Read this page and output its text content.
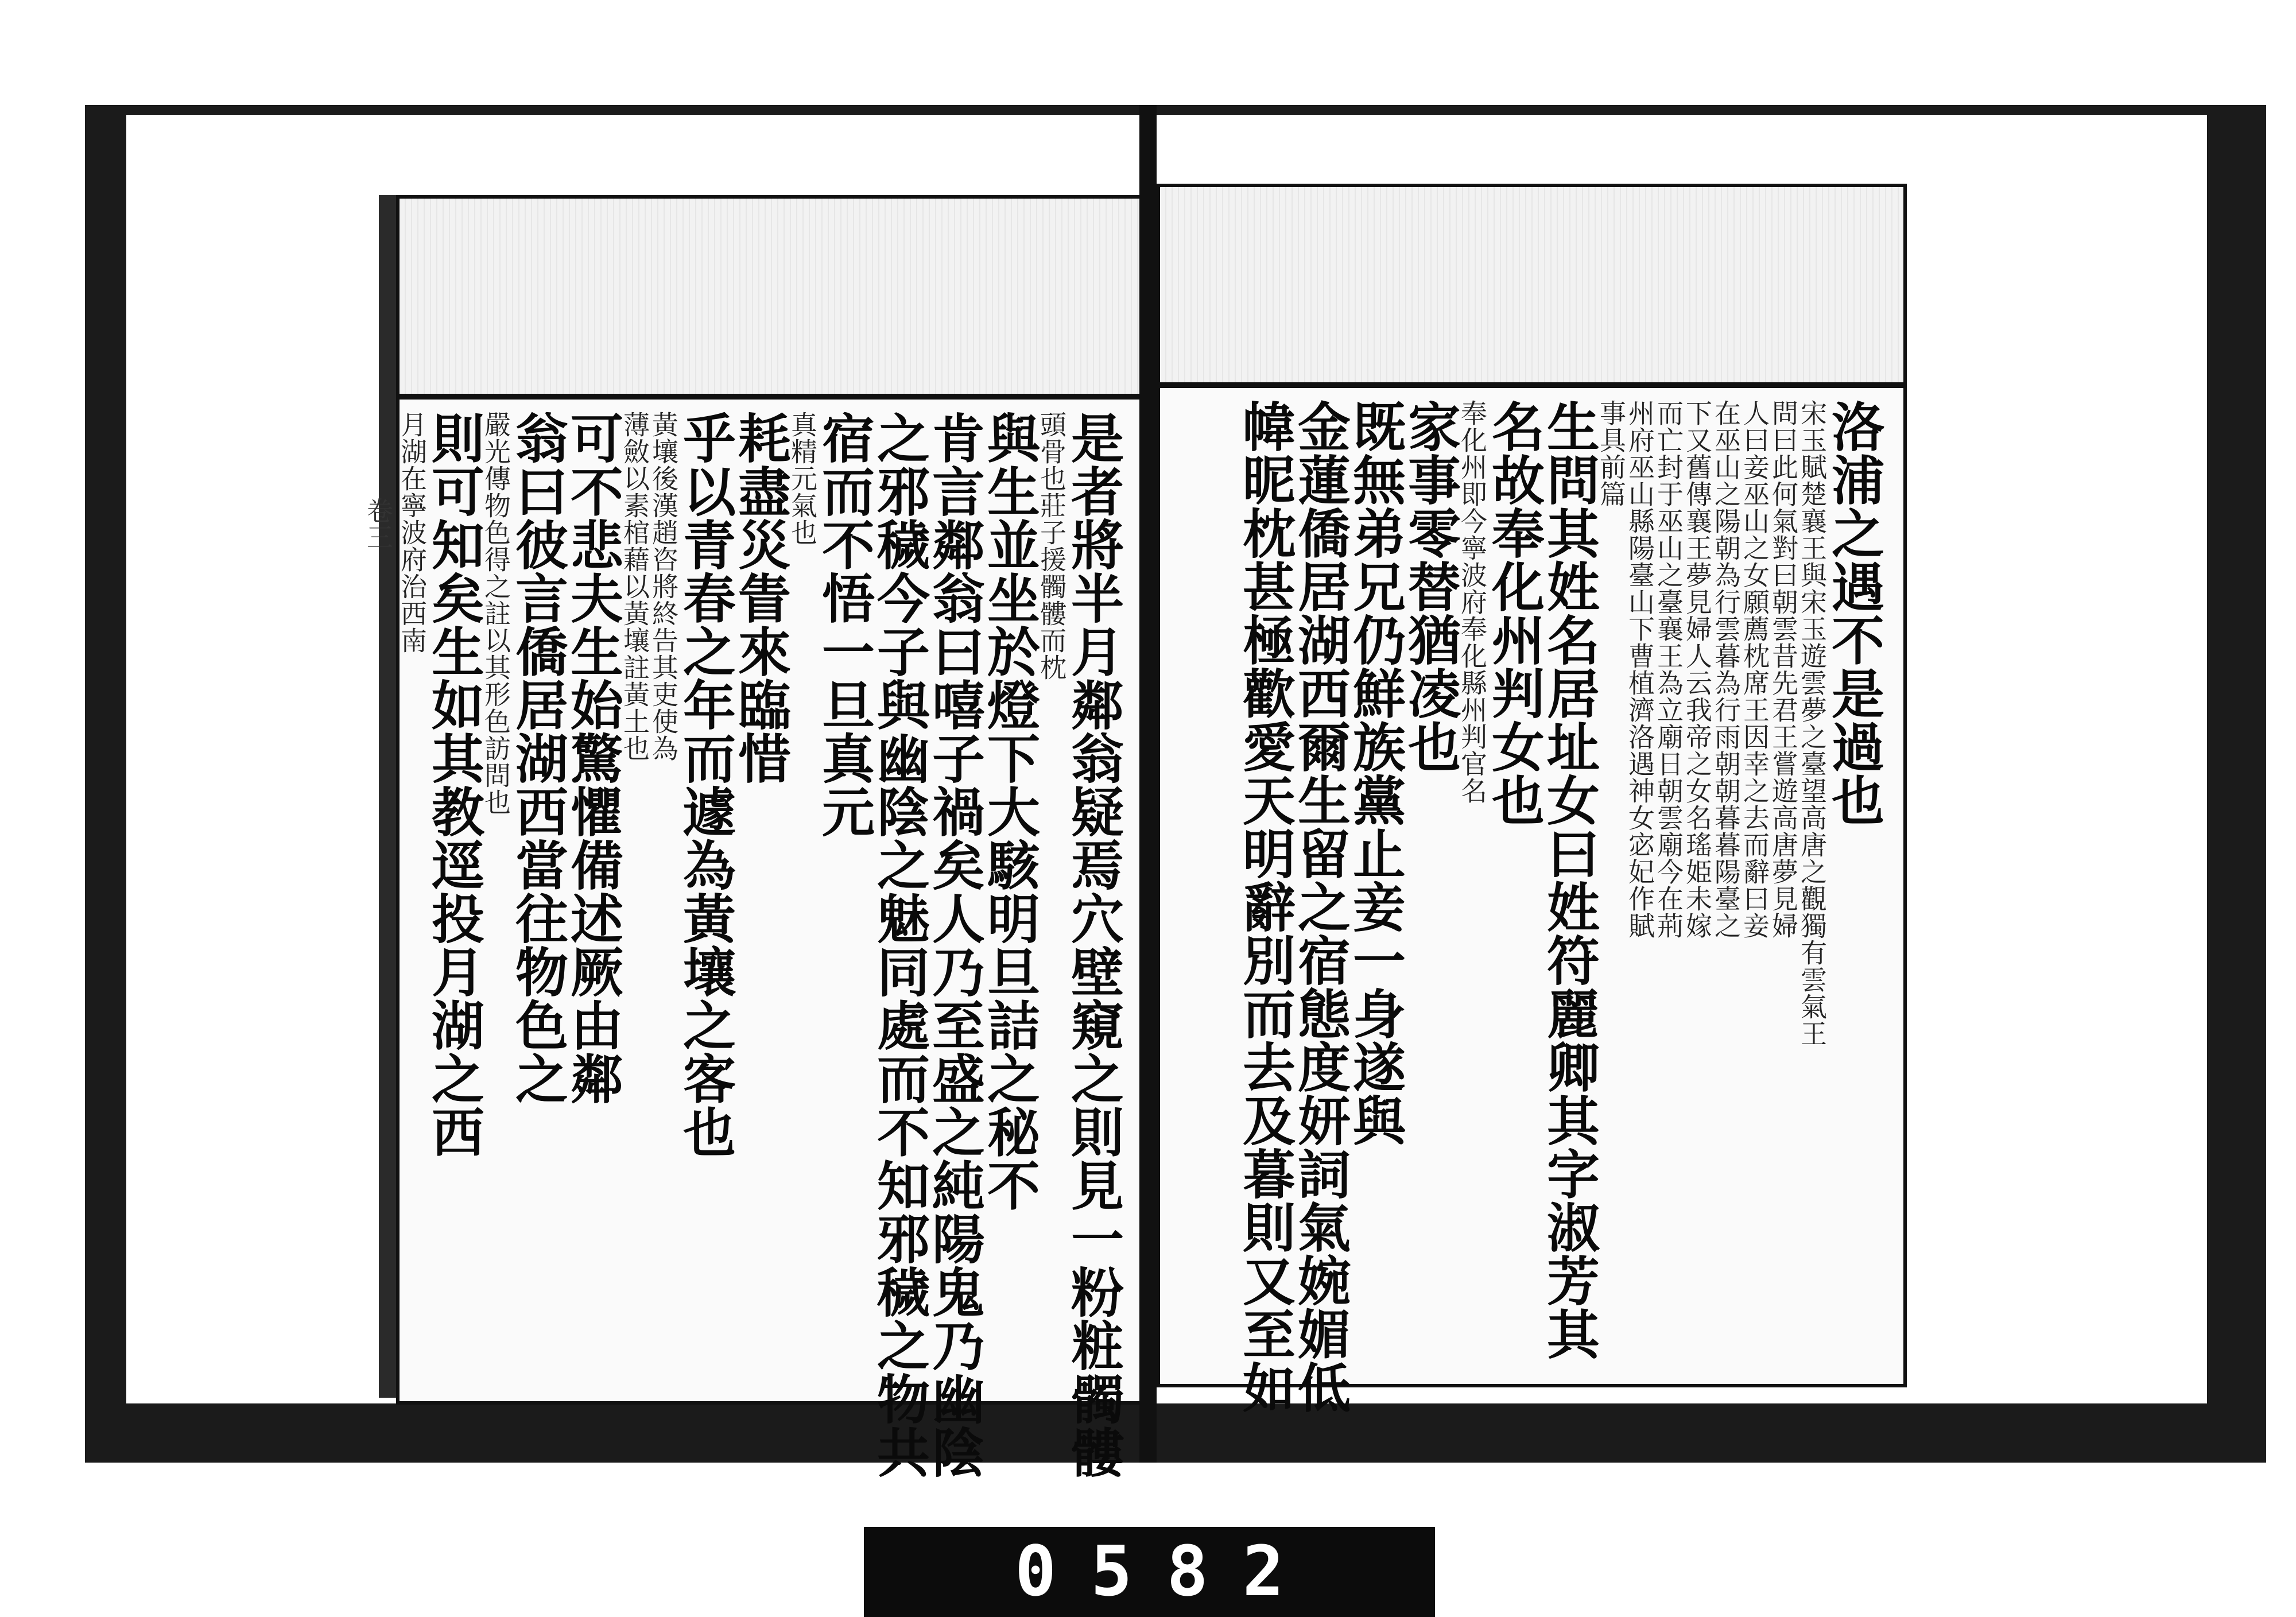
卷三	是者將半月鄰翁疑焉穴壁窺之則見一粉粧髑髏
頭骨也莊子援髑髏而枕
與生並坐於燈下大駭明旦詰之秘不
肯言鄰翁曰嘻子禍矣人乃至盛之純陽鬼乃幽陰
之邪穢今子與幽陰之魅同處而不知邪穢之物共
宿而不悟一旦真元
真精元氣也
耗盡災眚來臨惜
乎以青春之年而遽為黃壤之客也
黃壤後漢趙咨將終告其吏使為
薄斂以素棺藉以黃壤註黃土也
可不悲夫生始驚懼備述厥由鄰
翁曰彼言僑居湖西當往物色之
嚴光傳物色得之註以其形色訪問也
則可知矣生如其教逕投月湖之西
月湖在寧波府治西南	洛浦之遇不是過也
宋玉賦楚襄王與宋玉遊雲夢之臺望高唐之觀獨有雲氣王
問曰此何氣對曰朝雲昔先君王嘗遊高唐夢見婦
人曰妾巫山之女願薦枕席王因幸之去而辭曰妾
在巫山之陽朝為行雲暮為行雨朝朝暮暮陽臺之
下又舊傳襄王夢見婦人云我帝之女名瑤姫未嫁
而亡封于巫山之臺襄王為立廟日朝雲廟今在荊
州府巫山縣陽臺山下曹植濟洛遇神女宓妃作賦
事具前篇
生問其姓名居址女曰姓符麗卿其字淑芳其
名故奉化州判女也
奉化州即今寧波府奉化縣州判官名
家事零替猶凌也
既無弟兄仍鮮族黨止妾一身遂與
金蓮僑居湖西爾生留之宿態度妍詞氣婉媚低
幃昵枕甚極歡愛天明辭別而去及暮則又至如
0582
